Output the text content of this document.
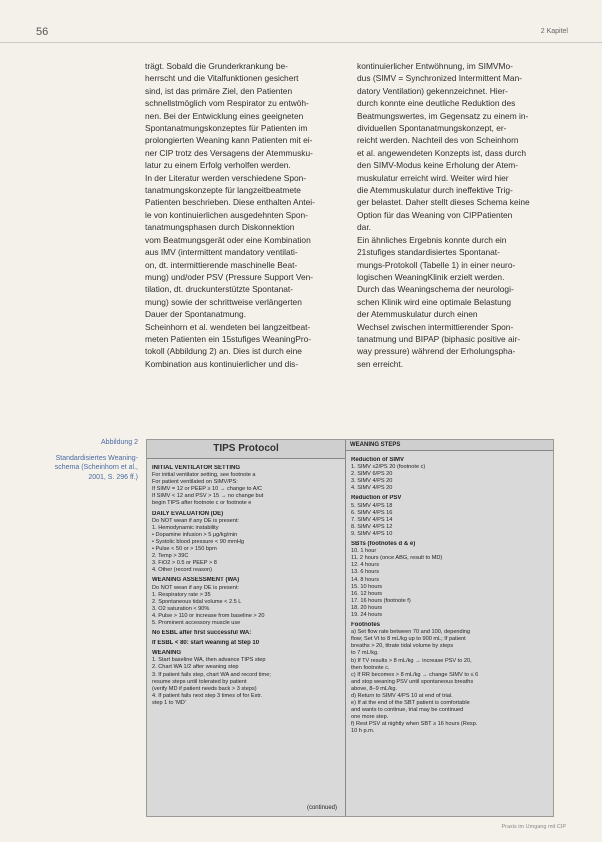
56	2 Kapitel

trägt. Sobald die Grunderkrankung be-

herrscht und die Vitalfunktionen gesichert

sind, ist das primäre Ziel, den Patienten

schnellstmöglich vom Respirator zu entwöh-

nen. Bei der Entwicklung eines geeigneten

Spontanatmungskonzeptes für Patienten im

prolongierten Weaning kann Patienten mit ei-

ner CIP trotz des Versagens der Atemmusku-

latur zu einem Erfolg verholfen werden.

In der Literatur werden verschiedene Spon-

tanatmungskonzepte für langzeitbeatmete

Patienten beschrieben. Diese enthalten Antei-

le von kontinuierlichen ausgedehnten Spon-

tanatmungsphasen durch Diskonnektion

vom Beatmungsgerät oder eine Kombination

aus IMV (intermittent mandatory ventilati-

on, dt. intermittierende maschinelle Beat-

mung) und/oder PSV (Pressure Support Ven-

tilation, dt. druckunterstützte Spontanat-

mung) sowie der schrittweise verlängerten

Dauer der Spontanatmung.

Scheinhorn et al. wendeten bei langzeitbeat-

meten Patienten ein 15stufiges WeaningPro-

tokoll (Abbildung 2) an. Dies ist durch eine

Kombination aus kontinuierlicher und dis-

kontinuierlicher Entwöhnung, im SIMVMo-

dus (SIMV = Synchronized Intermittent Man-

datory Ventilation) gekennzeichnet. Hier-

durch konnte eine deutliche Reduktion des

Beatmungswertes, im Gegensatz zu einem in-

dividuellen Spontanatmungskonzept, er-

reicht werden. Nachteil des von Scheinhorn

et al. angewendeten Konzepts ist, dass durch

den SIMV-Modus keine Erholung der Atem-

muskulatur erreicht wird. Weiter wird hier

die Atemmuskulatur durch ineffektive Trig-

ger belastet. Daher stellt dieses Schema keine

Option für das Weaning von CIPPatienten

dar.

Ein ähnliches Ergebnis konnte durch ein

21stufiges standardisiertes Spontanat-

mungs-Protokoll (Tabelle 1) in einer neuro-

logischen WeaningKlinik erzielt werden.

Durch das Weaningschema der neurologi-

schen Klinik wird eine optimale Belastung

der Atemmuskulatur durch einen

Wechsel zwischen intermittierender Spon-

tanatmung und BIPAP (biphasic positive air-

way pressure) während der Erholungspha-

sen erreicht.

Abbildung 2
Standardisiertes Weaning-schema (Scheinhorn et al., 2001, S. 296 ff.)
TIPS Protocol
INITIAL VENTILATOR SETTING
For initial ventilator setting, see footnote a
For patient ventilated on SIMV/PS:
If SIMV = 12 or PEEP ≥ 10 → change to A/C
If SIMV < 12 and PSV > 15 → no change but
begin TIPS after footnote c or footnote e
DAILY EVALUATION (DE)
Do NOT wean if any DE is present:
1. Hemodynamic instability
• Dopamine infusion > 5 μg/kg/min
• Systolic blood pressure < 90 mmHg
• Pulse < 50 or > 150 bpm
2. Temp > 39C
3. FiO2 > 0.5 or PEEP > 8
4. Other (record reason)
WEANING ASSESSMENT (WA)
Do NOT wean if any DE is present:
1. Respiratory rate > 35
2. Spontaneous tidal volume < 2.5 L
3. O2 saturation < 90%
4. Pulse > 110 or increase from baseline > 20
5. Prominent accessory muscle use
No ESBL after first successful WA:
If ESBL < 80: start weaning at Step 10
WEANING
1. Start baseline WA, then advance TIPS step
2. Chart WA 1/2 after weaning step
3. If patient fails step, chart WA and record time;
resume steps until tolerated by patient
(verify MD if patient needs back > 3 steps)
4. If patient fails next step 3 times of for Extr.
step 1 to 'MD'
(continued)
WEANING STEPS
Reduction of SIMV
1. SIMV ≤2/PS 20 (footnote c)
2. SIMV 6/PS 20
3. SIMV 4/PS 20
4. SIMV 4/PS 20
Reduction of PSV
5. SIMV 4/PS 18
6. SIMV 4/PS 16
7. SIMV 4/PS 14
8. SIMV 4/PS 12
9. SIMV 4/PS 10
SBTs (footnotes d & e)
10. 1 hour
11. 2 hours (once ABG, result to MD)
12. 4 hours
13. 6 hours
14. 8 hours
15. 10 hours
16. 12 hours
17. 16 hours (footnote f)
18. 20 hours
19. 24 hours
Footnotes
a) Set flow rate between 70 and 100, depending
flow; Set Vt to 8 mL/kg up to 900 mL; If patient
breaths > 20, titrate tidal volume by steps
to 7 mL/kg.
b) If TV results > 8 mL/kg → increase PSV to 20,
then footnote c.
c) If RR becomes > 8 mL/kg → change SIMV to ≤ 6
and stop weaning PSV until spontaneous breaths
above, 8–9 mL/kg.
d) Return to SIMV 4/PS 10 at end of trial.
e) If at the end of the SBT patient is comfortable
and wants to continue, trial may be continued
one more step.
f) Rest PSV at nightly when SBT ≥ 16 hours (Resp.
10 h p.m.
Praxis im Umgang mit CIP
